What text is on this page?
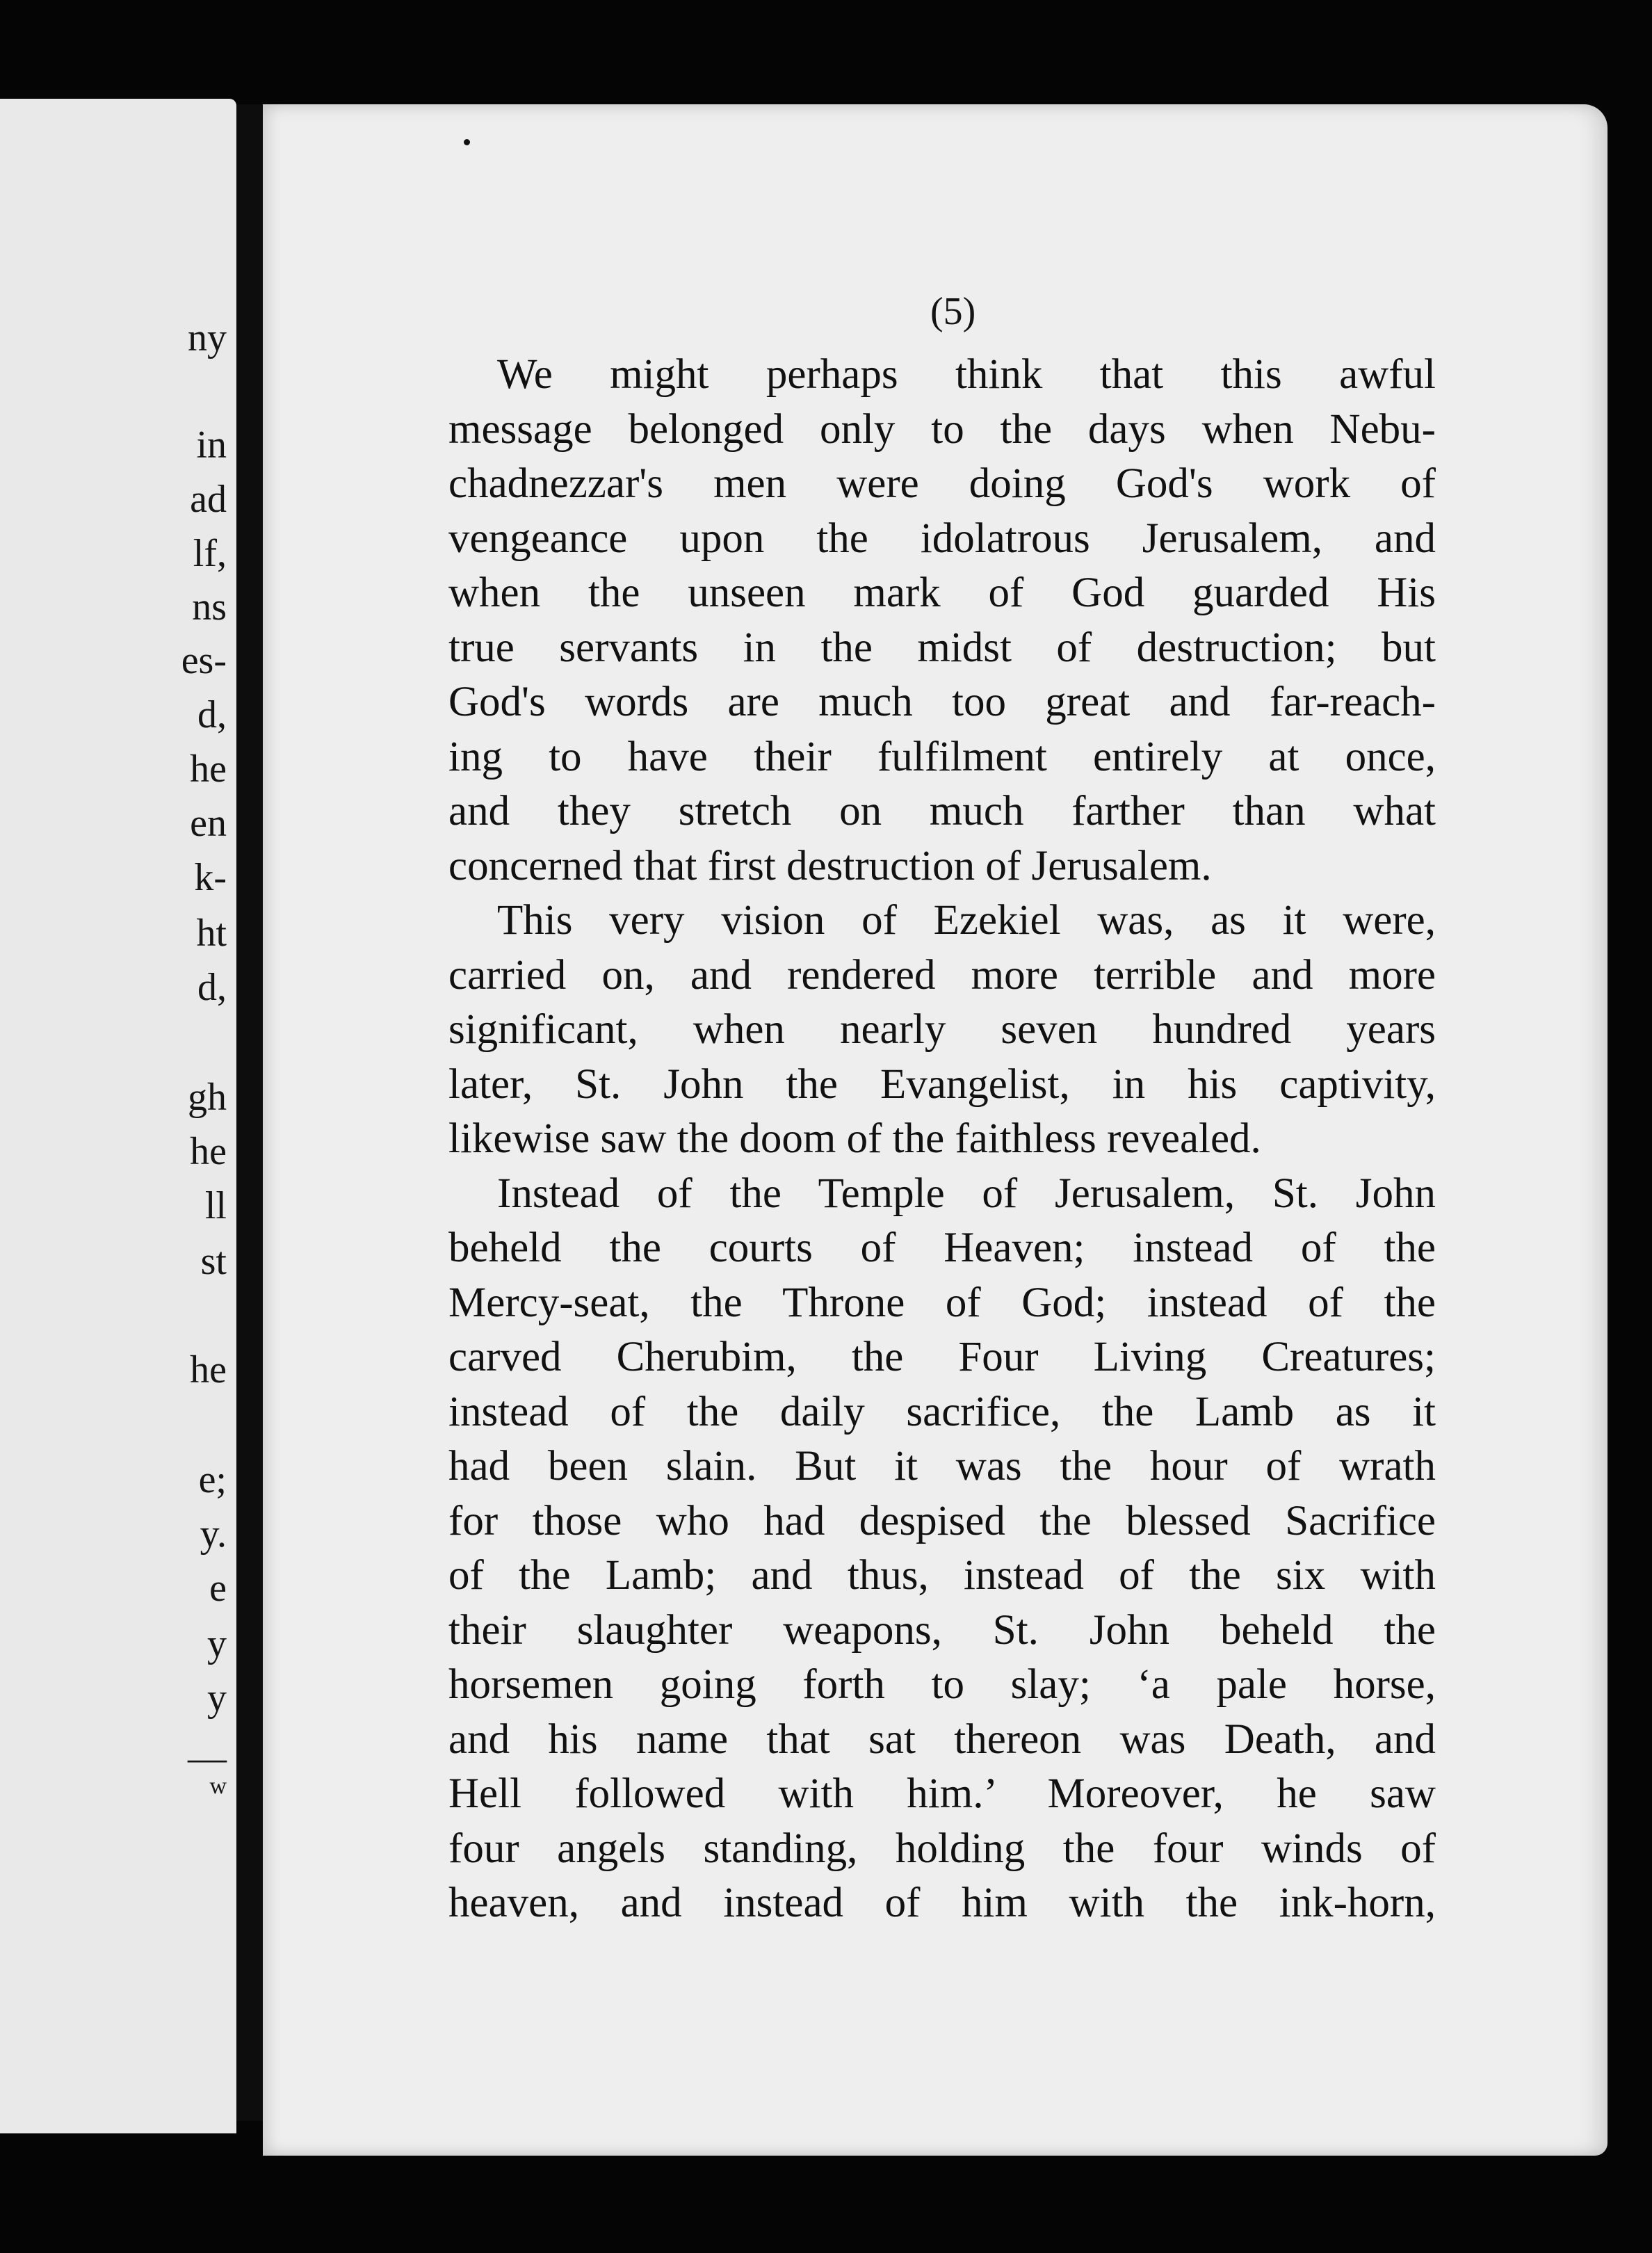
ny
in
ad
lf,
ns
es-
d,
he
en
k-
ht
d,
gh
he
ll
st
he
e;
y.
e
y
y
—
w
(5)
We might perhaps think that this awful
message belonged only to the days when Nebu-
chadnezzar's men were doing God's work of
vengeance upon the idolatrous Jerusalem, and
when the unseen mark of God guarded His
true servants in the midst of destruction; but
God's words are much too great and far-reach-
ing to have their fulfilment entirely at once,
and they stretch on much farther than what
concerned that first destruction of Jerusalem.
This very vision of Ezekiel was, as it were,
carried on, and rendered more terrible and more
significant, when nearly seven hundred years
later, St. John the Evangelist, in his captivity,
likewise saw the doom of the faithless revealed.
Instead of the Temple of Jerusalem, St. John
beheld the courts of Heaven; instead of the
Mercy-seat, the Throne of God; instead of the
carved Cherubim, the Four Living Creatures;
instead of the daily sacrifice, the Lamb as it
had been slain. But it was the hour of wrath
for those who had despised the blessed Sacrifice
of the Lamb; and thus, instead of the six with
their slaughter weapons, St. John beheld the
horsemen going forth to slay; ‘a pale horse,
and his name that sat thereon was Death, and
Hell followed with him.’ Moreover, he saw
four angels standing, holding the four winds of
heaven, and instead of him with the ink-horn,
